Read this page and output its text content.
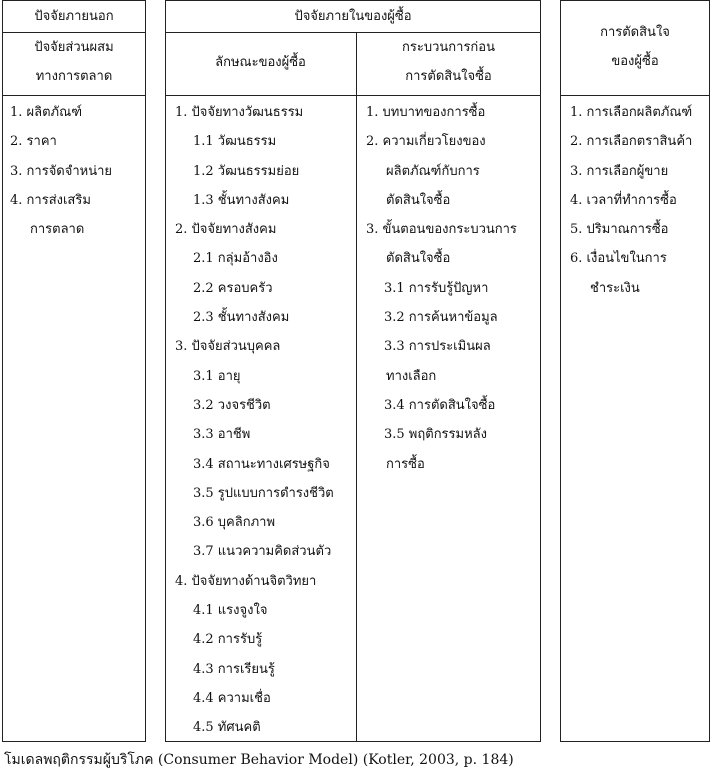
ปัจจัยภายนอก
ปัจจัยส่วนผสม
ทางการตลาด
1. ผลิตภัณฑ์
2. ราคา
3. การจัดจำหน่าย
4. การส่งเสริม
การตลาด
ปัจจัยภายในของผู้ซื้อ
ลักษณะของผู้ซื้อ
กระบวนการก่อน
การตัดสินใจซื้อ
1. ปัจจัยทางวัฒนธรรม
1.1 วัฒนธรรม
1.2 วัฒนธรรมย่อย
1.3 ชั้นทางสังคม
2. ปัจจัยทางสังคม
2.1 กลุ่มอ้างอิง
2.2 ครอบครัว
2.3 ชั้นทางสังคม
3. ปัจจัยส่วนบุคคล
3.1 อายุ
3.2 วงจรชีวิต
3.3 อาชีพ
3.4 สถานะทางเศรษฐกิจ
3.5 รูปแบบการดำรงชีวิต
3.6 บุคลิกภาพ
3.7 แนวความคิดส่วนตัว
4. ปัจจัยทางด้านจิตวิทยา
4.1 แรงจูงใจ
4.2 การรับรู้
4.3 การเรียนรู้
4.4 ความเชื่อ
4.5 ทัศนคติ
1. บทบาทของการซื้อ
2. ความเกี่ยวโยงของ
ผลิตภัณฑ์กับการ
ตัดสินใจซื้อ
3. ขั้นตอนของกระบวนการ
ตัดสินใจซื้อ
3.1 การรับรู้ปัญหา
3.2 การค้นหาข้อมูล
3.3 การประเมินผล
ทางเลือก
3.4 การตัดสินใจซื้อ
3.5 พฤติกรรมหลัง
การซื้อ
การตัดสินใจ
ของผู้ซื้อ
1. การเลือกผลิตภัณฑ์
2. การเลือกตราสินค้า
3. การเลือกผู้ขาย
4. เวลาที่ทำการซื้อ
5. ปริมาณการซื้อ
6. เงื่อนไขในการ
ชำระเงิน
โมเดลพฤติกรรมผู้บริโภค (Consumer Behavior Model) (Kotler, 2003, p. 184)
